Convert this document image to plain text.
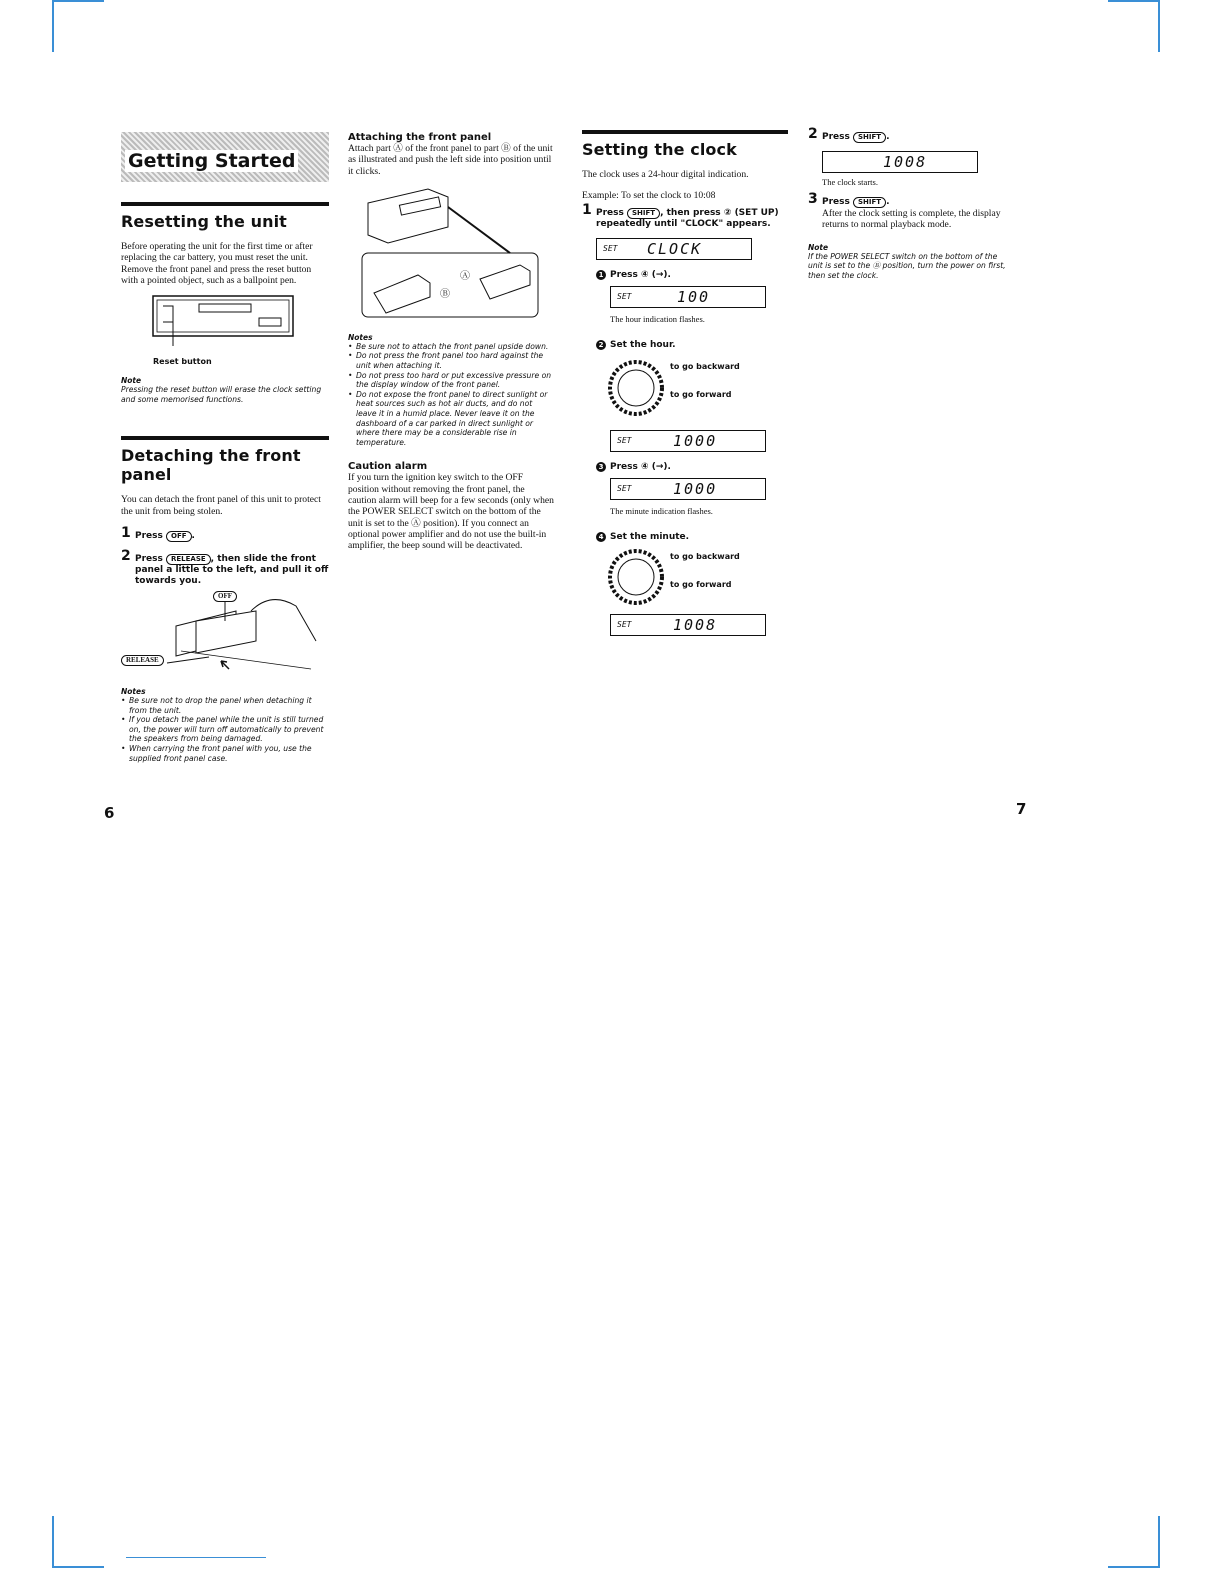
Getting Started
Resetting the unit
Before operating the unit for the first time or after replacing the car battery, you must reset the unit. Remove the front panel and press the reset button with a pointed object, such as a ballpoint pen.
Reset button
Note
Pressing the reset button will erase the clock setting and some memorised functions.
Detaching the front panel
You can detach the front panel of this unit to protect the unit from being stolen.
1 Press OFF .
2 Press RELEASE , then slide the front panel a little to the left, and pull it off towards you.
OFF
RELEASE
Notes
• Be sure not to drop the panel when detaching it from the unit.
• If you detach the panel while the unit is still turned on, the power will turn off automatically to prevent the speakers from being damaged.
• When carrying the front panel with you, use the supplied front panel case.
Attaching the front panel
Attach part Ⓐ of the front panel to part Ⓑ of the unit as illustrated and push the left side into position until it clicks.
Ⓐ
Ⓑ
Notes
• Be sure not to attach the front panel upside down.
• Do not press the front panel too hard against the unit when attaching it.
• Do not press too hard or put excessive pressure on the display window of the front panel.
• Do not expose the front panel to direct sunlight or heat sources such as hot air ducts, and do not leave it in a humid place. Never leave it on the dashboard of a car parked in direct sunlight or where there may be a considerable rise in temperature.
Caution alarm
If you turn the ignition key switch to the OFF position without removing the front panel, the caution alarm will beep for a few seconds (only when the POWER SELECT switch on the bottom of the unit is set to the Ⓐ position). If you connect an optional power amplifier and do not use the built-in amplifier, the beep sound will be deactivated.
Setting the clock
The clock uses a 24-hour digital indication.
Example: To set the clock to 10:08
1 Press SHIFT , then press ② (SET UP) repeatedly until "CLOCK" appears.
SET CLOCK
1 Press ④ (→).
SET	100
The hour indication flashes.
2 Set the hour.
to go backward
to go forward
SET	1000
3 Press ④ (→).
SET	1000
The minute indication flashes.
4 Set the minute.
to go backward
to go forward
SET	1008
2 Press SHIFT .
1008
The clock starts.
3 Press SHIFT .
After the clock setting is complete, the display returns to normal playback mode.
Note
If the POWER SELECT switch on the bottom of the unit is set to the Ⓑ position, turn the power on first, then set the clock.
6	7
